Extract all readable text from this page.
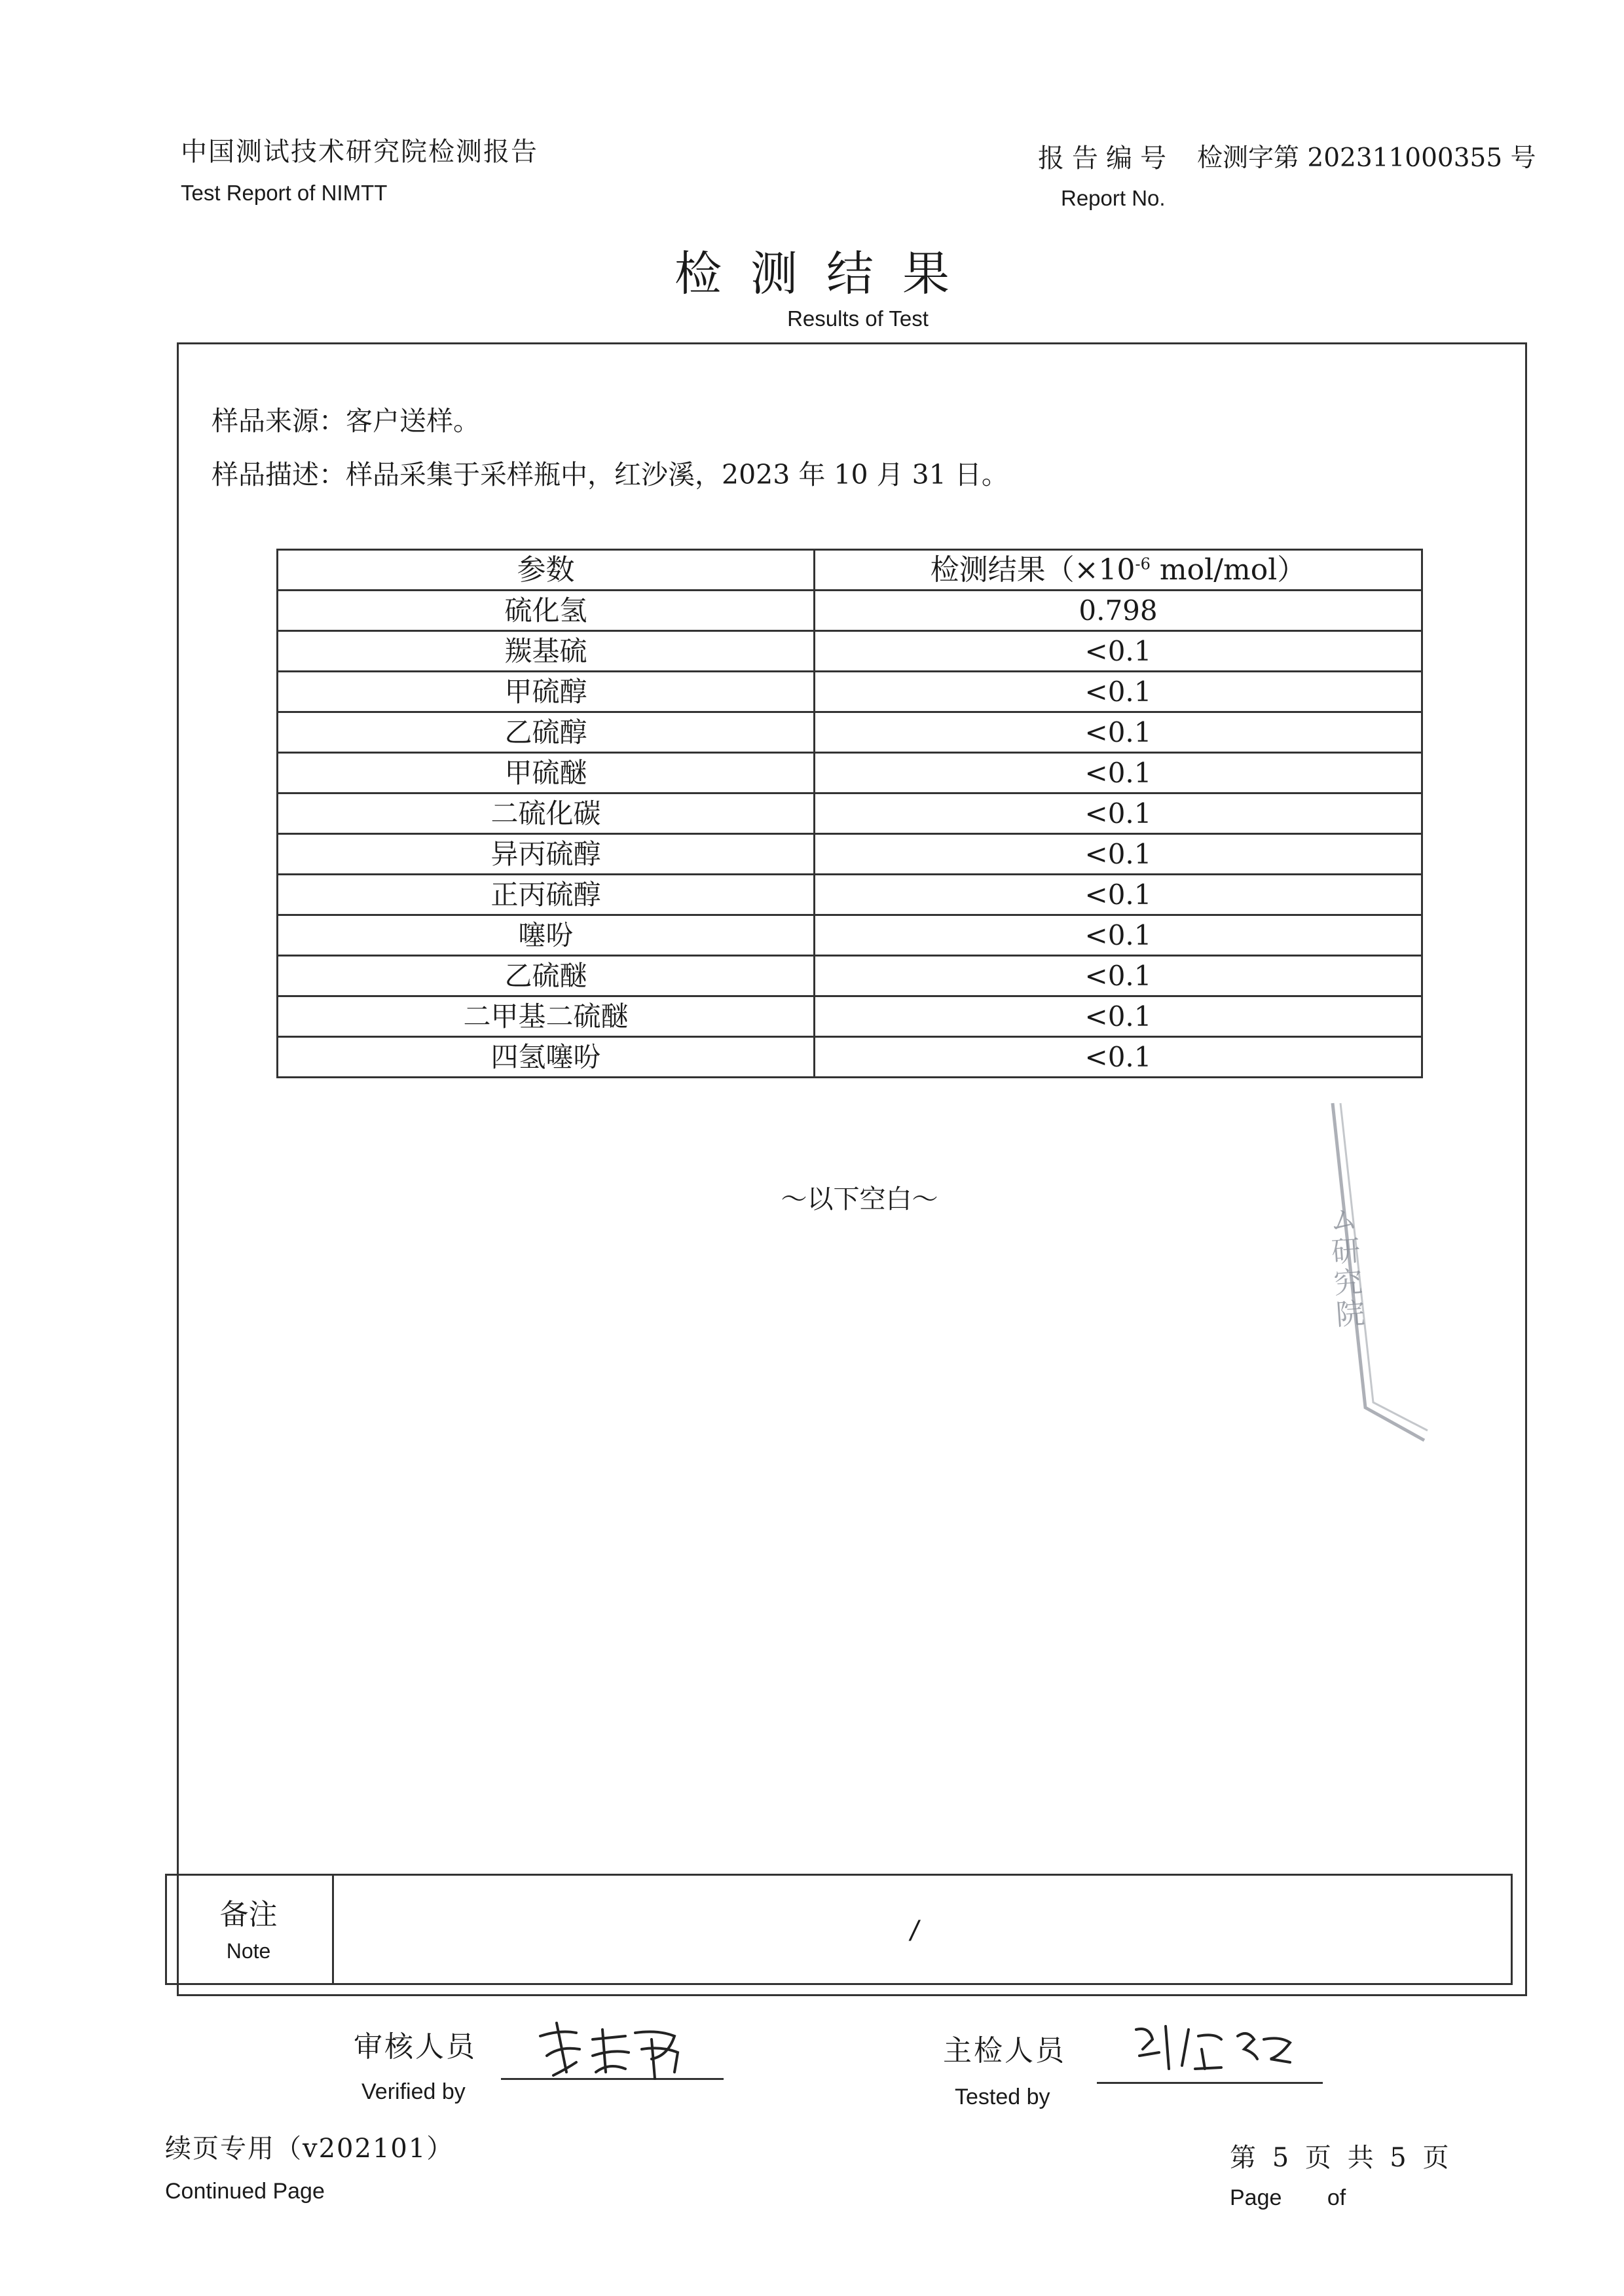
中国测试技术研究院检测报告
Test Report of NIMTT
报告编号 检测字第 202311000355 号
Report No.
检测结果
Results of Test
样品来源：客户送样。
样品描述：样品采集于采样瓶中，红沙溪，2023 年 10 月 31 日。
参数	检测结果（$\times 10^{-6}$ mol/mol）
硫化氢	0.798
羰基硫	<0.1
甲硫醇	<0.1
乙硫醇	<0.1
甲硫醚	<0.1
二硫化碳	<0.1
异丙硫醇	<0.1
正丙硫醇	<0.1
噻吩	<0.1
乙硫醚	<0.1
二甲基二硫醚	<0.1
四氢噻吩	<0.1
～以下空白～
ム研究院
备注
Note
/
审核人员
Verified by
主检人员
Tested by
续页专用（v202101）
Continued Page
第 5 页 共 5 页
Page of
